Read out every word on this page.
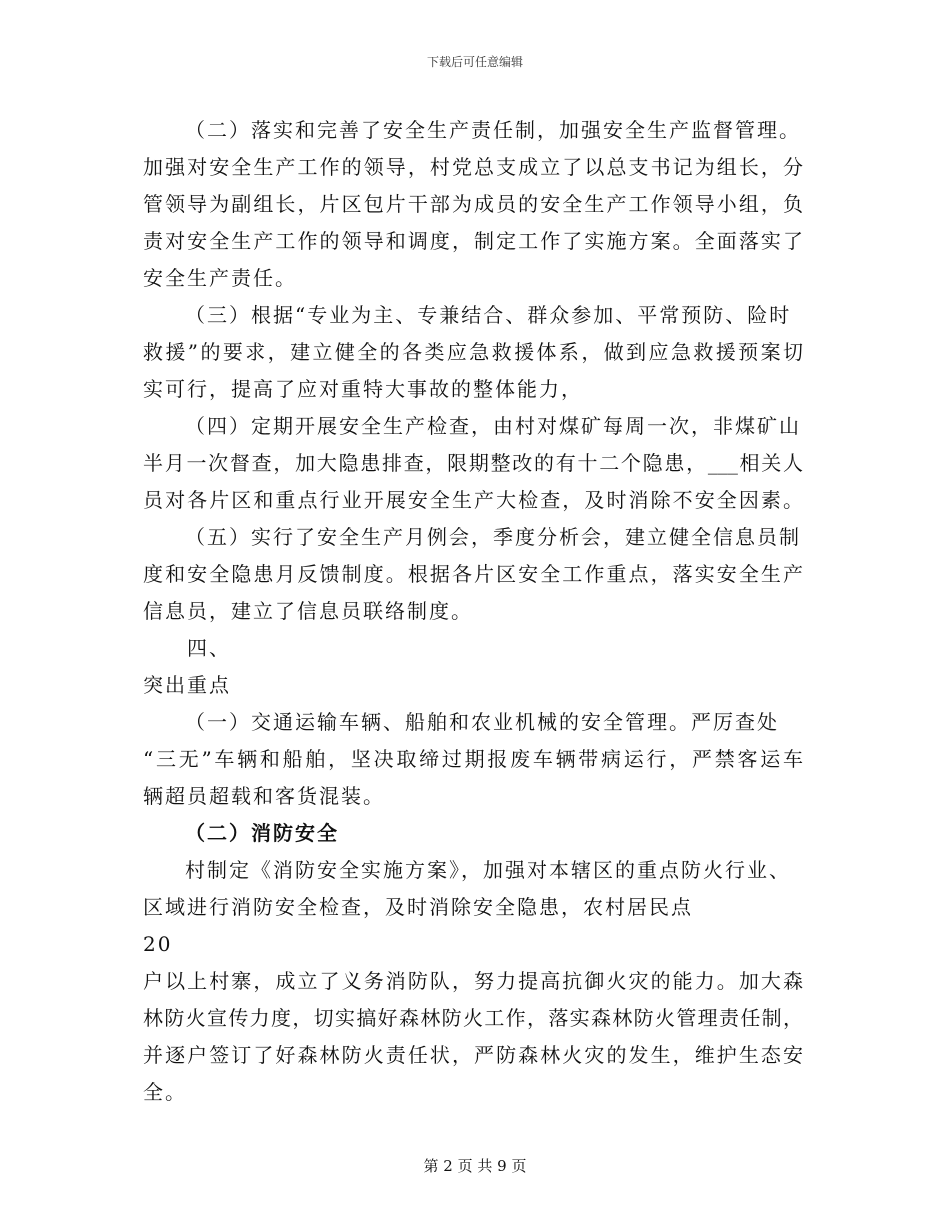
下载后可任意编辑
（二）落实和完善了安全生产责任制，加强安全生产监督管理。
加强对安全生产工作的领导，村党总支成立了以总支书记为组长，分
管领导为副组长，片区包片干部为成员的安全生产工作领导小组，负
责对安全生产工作的领导和调度，制定工作了实施方案。全面落实了
安全生产责任。
（三）根据“专业为主、专兼结合、群众参加、平常预防、险时
救援”的要求，建立健全的各类应急救援体系，做到应急救援预案切
实可行，提高了应对重特大事故的整体能力，
（四）定期开展安全生产检查，由村对煤矿每周一次，非煤矿山
半月一次督查，加大隐患排查，限期整改的有十二个隐患，___相关人
员对各片区和重点行业开展安全生产大检查，及时消除不安全因素。
（五）实行了安全生产月例会，季度分析会，建立健全信息员制
度和安全隐患月反馈制度。根据各片区安全工作重点，落实安全生产
信息员，建立了信息员联络制度。
四、
突出重点
（一）交通运输车辆、船舶和农业机械的安全管理。严厉查处
“三无”车辆和船舶，坚决取缔过期报废车辆带病运行，严禁客运车
辆超员超载和客货混装。
（二）消防安全
村制定《消防安全实施方案》，加强对本辖区的重点防火行业、
区域进行消防安全检查，及时消除安全隐患，农村居民点
20
户以上村寨，成立了义务消防队，努力提高抗御火灾的能力。加大森
林防火宣传力度，切实搞好森林防火工作，落实森林防火管理责任制，
并逐户签订了好森林防火责任状，严防森林火灾的发生，维护生态安
全。
第 2 页 共 9 页
